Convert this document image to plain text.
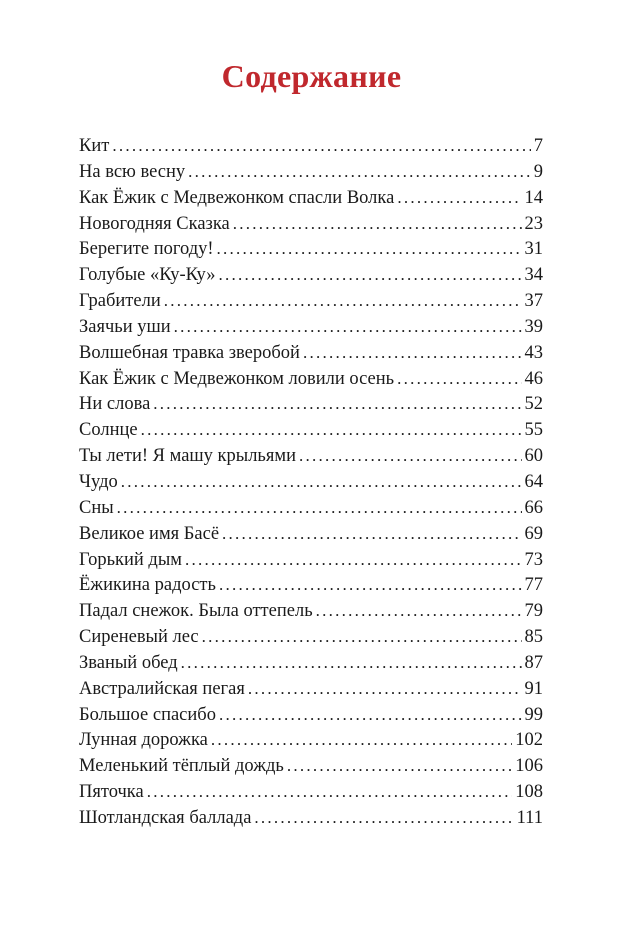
Содержание
Кит . . .	7
На всю весну . . .	9
Как Ёжик с Медвежонком спасли Волка . . .	14
Новогодняя Сказка . . .	23
Берегите погоду! . . .	31
Голубые «Ку-Ку» . . .	34
Грабители . . .	37
Заячьи уши . . .	39
Волшебная травка зверобой . . .	43
Как Ёжик с Медвежонком ловили осень . . .	46
Ни слова . . .	52
Солнце . . .	55
Ты лети! Я машу крыльями . . .	60
Чудо . . .	64
Сны . . .	66
Великое имя Басё . . .	69
Горький дым . . .	73
Ёжикина радость . . .	77
Падал снежок. Была оттепель . . .	79
Сиреневый лес . . .	85
Званый обед . . .	87
Австралийская пегая . . .	91
Большое спасибо . . .	99
Лунная дорожка . . .	102
Меленький тёплый дождь . . .	106
Пяточка . . .	108
Шотландская баллада . . .	111
